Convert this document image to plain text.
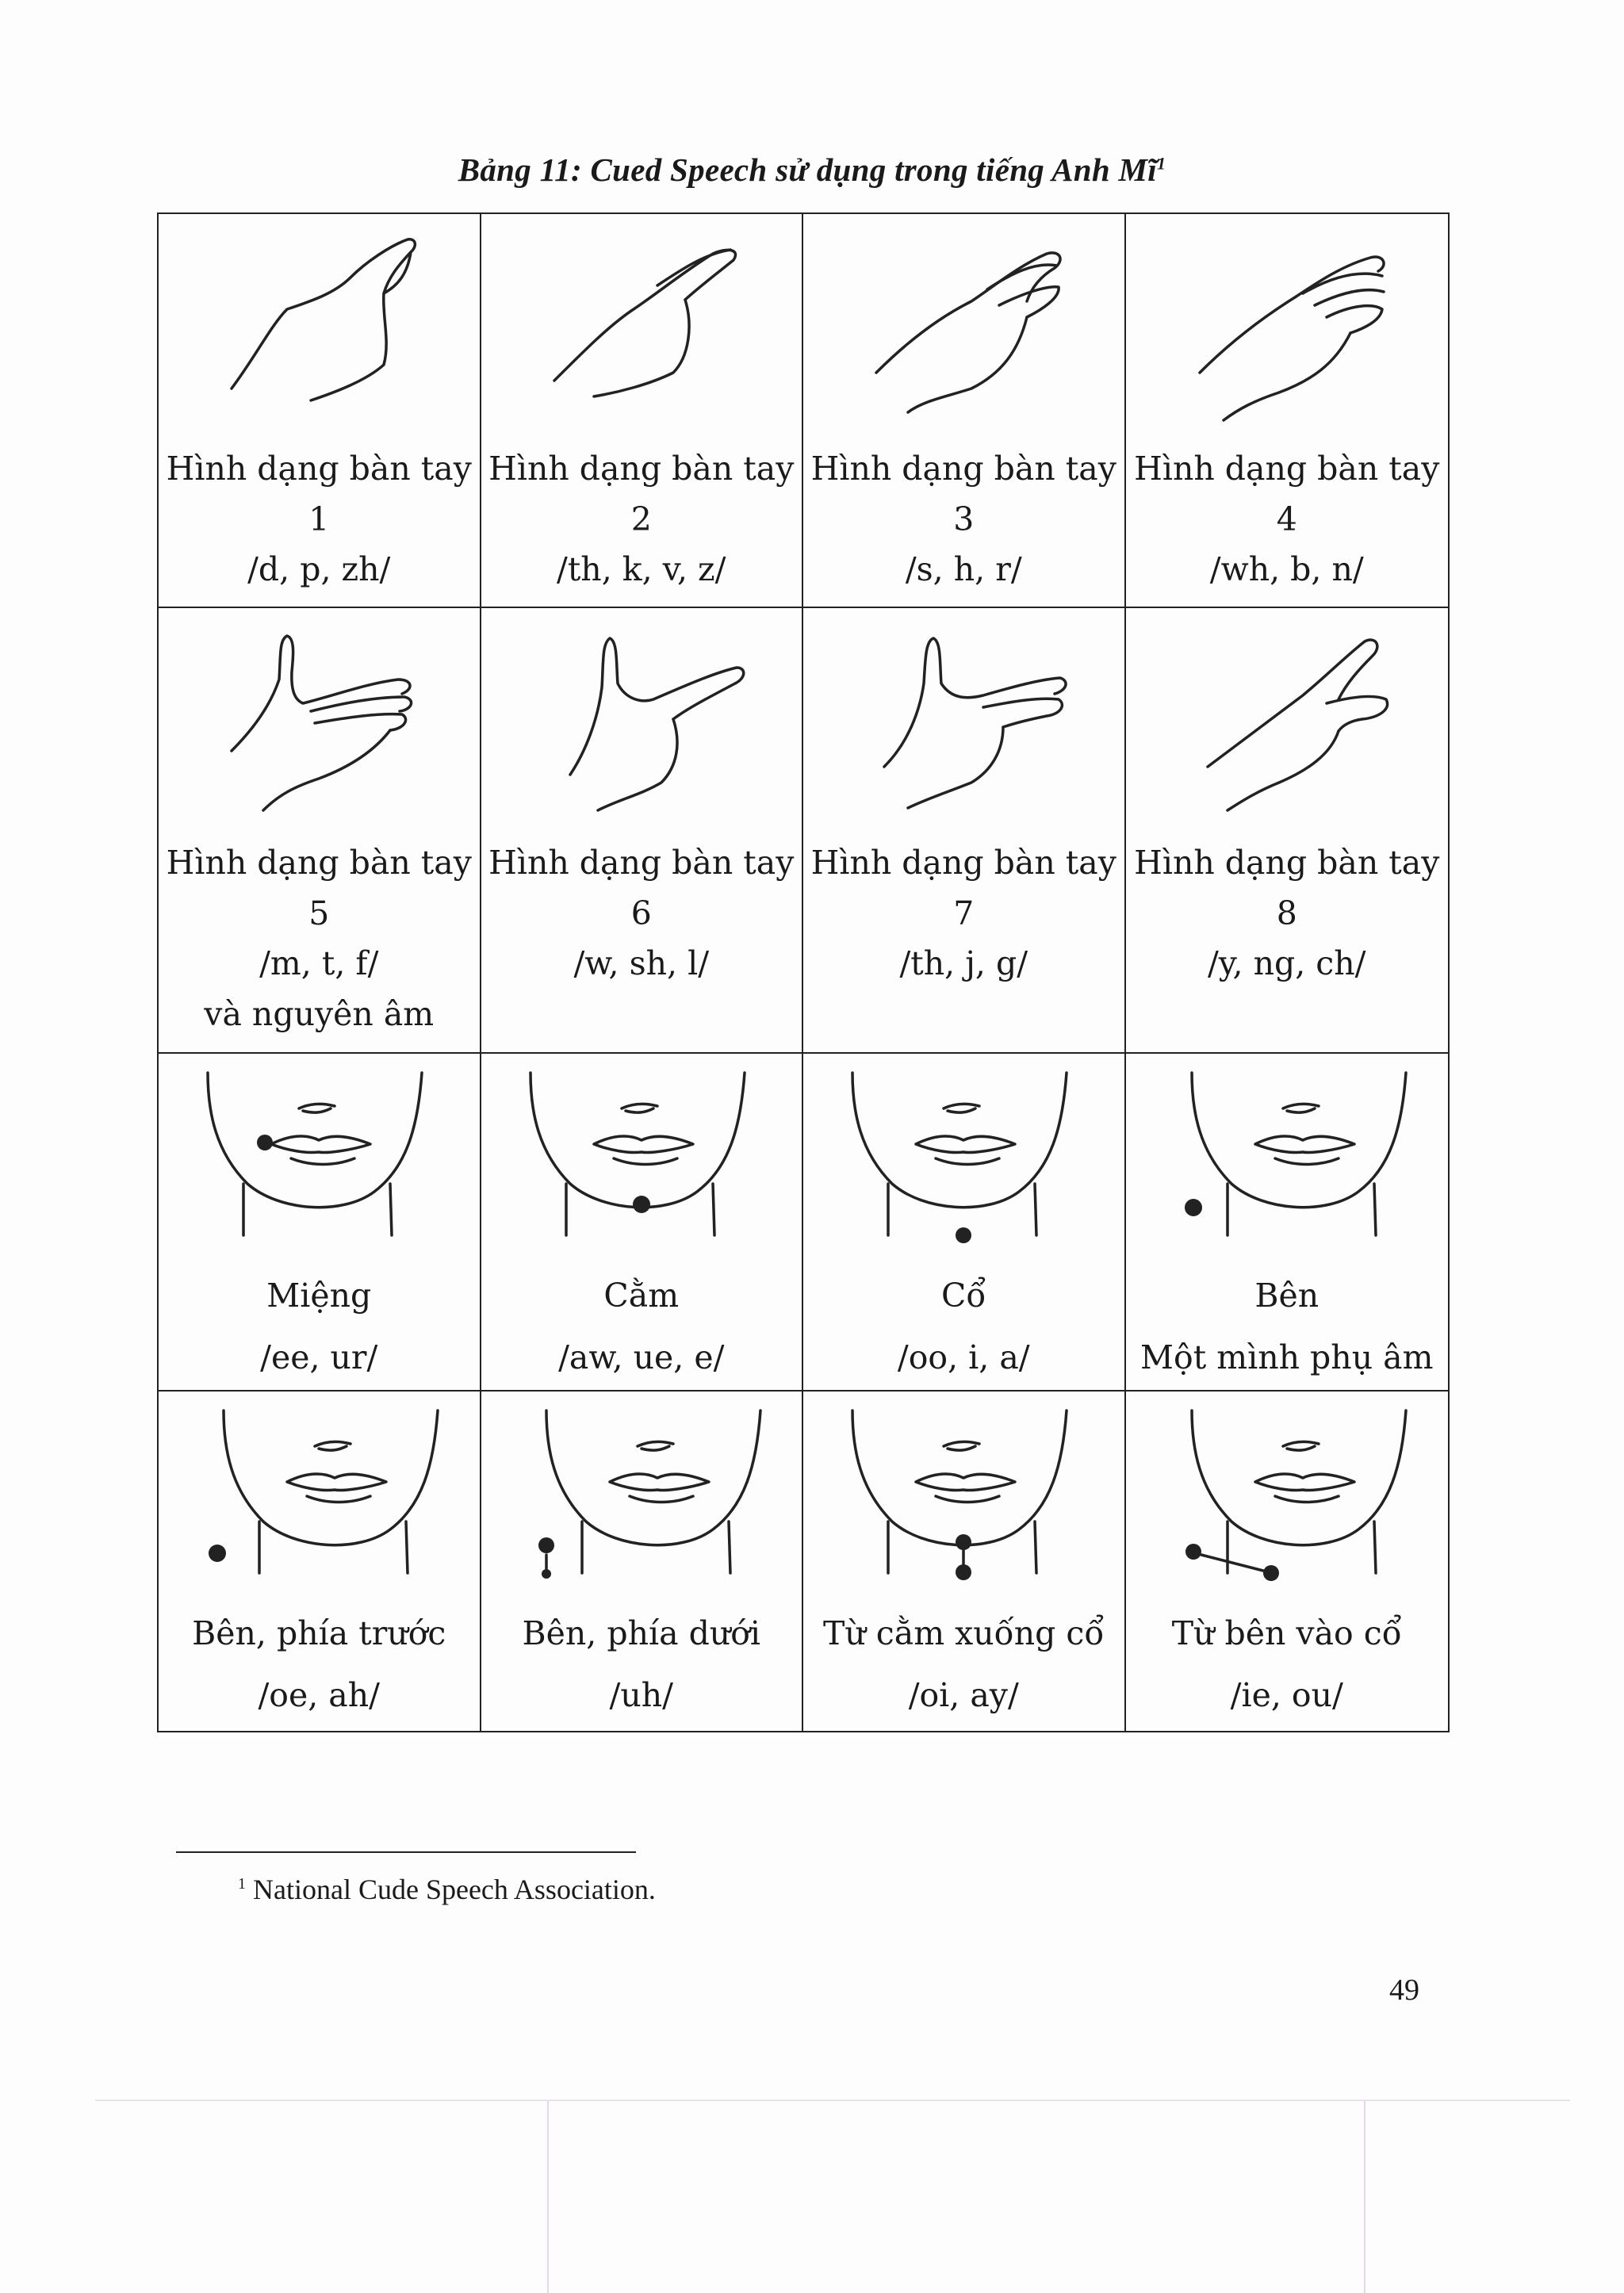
Bảng 11: Cued Speech sử dụng trong tiếng Anh $Mĩ^1$
Hình dạng bàn tay
1
/d, p, zh/
Hình dạng bàn tay
2
/th, k, v, z/
Hình dạng bàn tay
3
/s, h, r/
Hình dạng bàn tay
4
/wh, b, n/
Hình dạng bàn tay
5
/m, t, f/
và nguyên âm
Hình dạng bàn tay
6
/w, sh, l/
Hình dạng bàn tay
7
/th, j, g/
Hình dạng bàn tay
8
/y, ng, ch/
Miệng
/ee, ur/
Cằm
/aw, ue, e/
Cổ
/oo, i, a/
Bên
Một mình phụ âm
Bên, phía trước
/oe, ah/
Bên, phía dưới
/uh/
Từ cằm xuống cổ
/oi, ay/
Từ bên vào cổ
/ie, ou/
$^1$ National Cude Speech Association.
49
